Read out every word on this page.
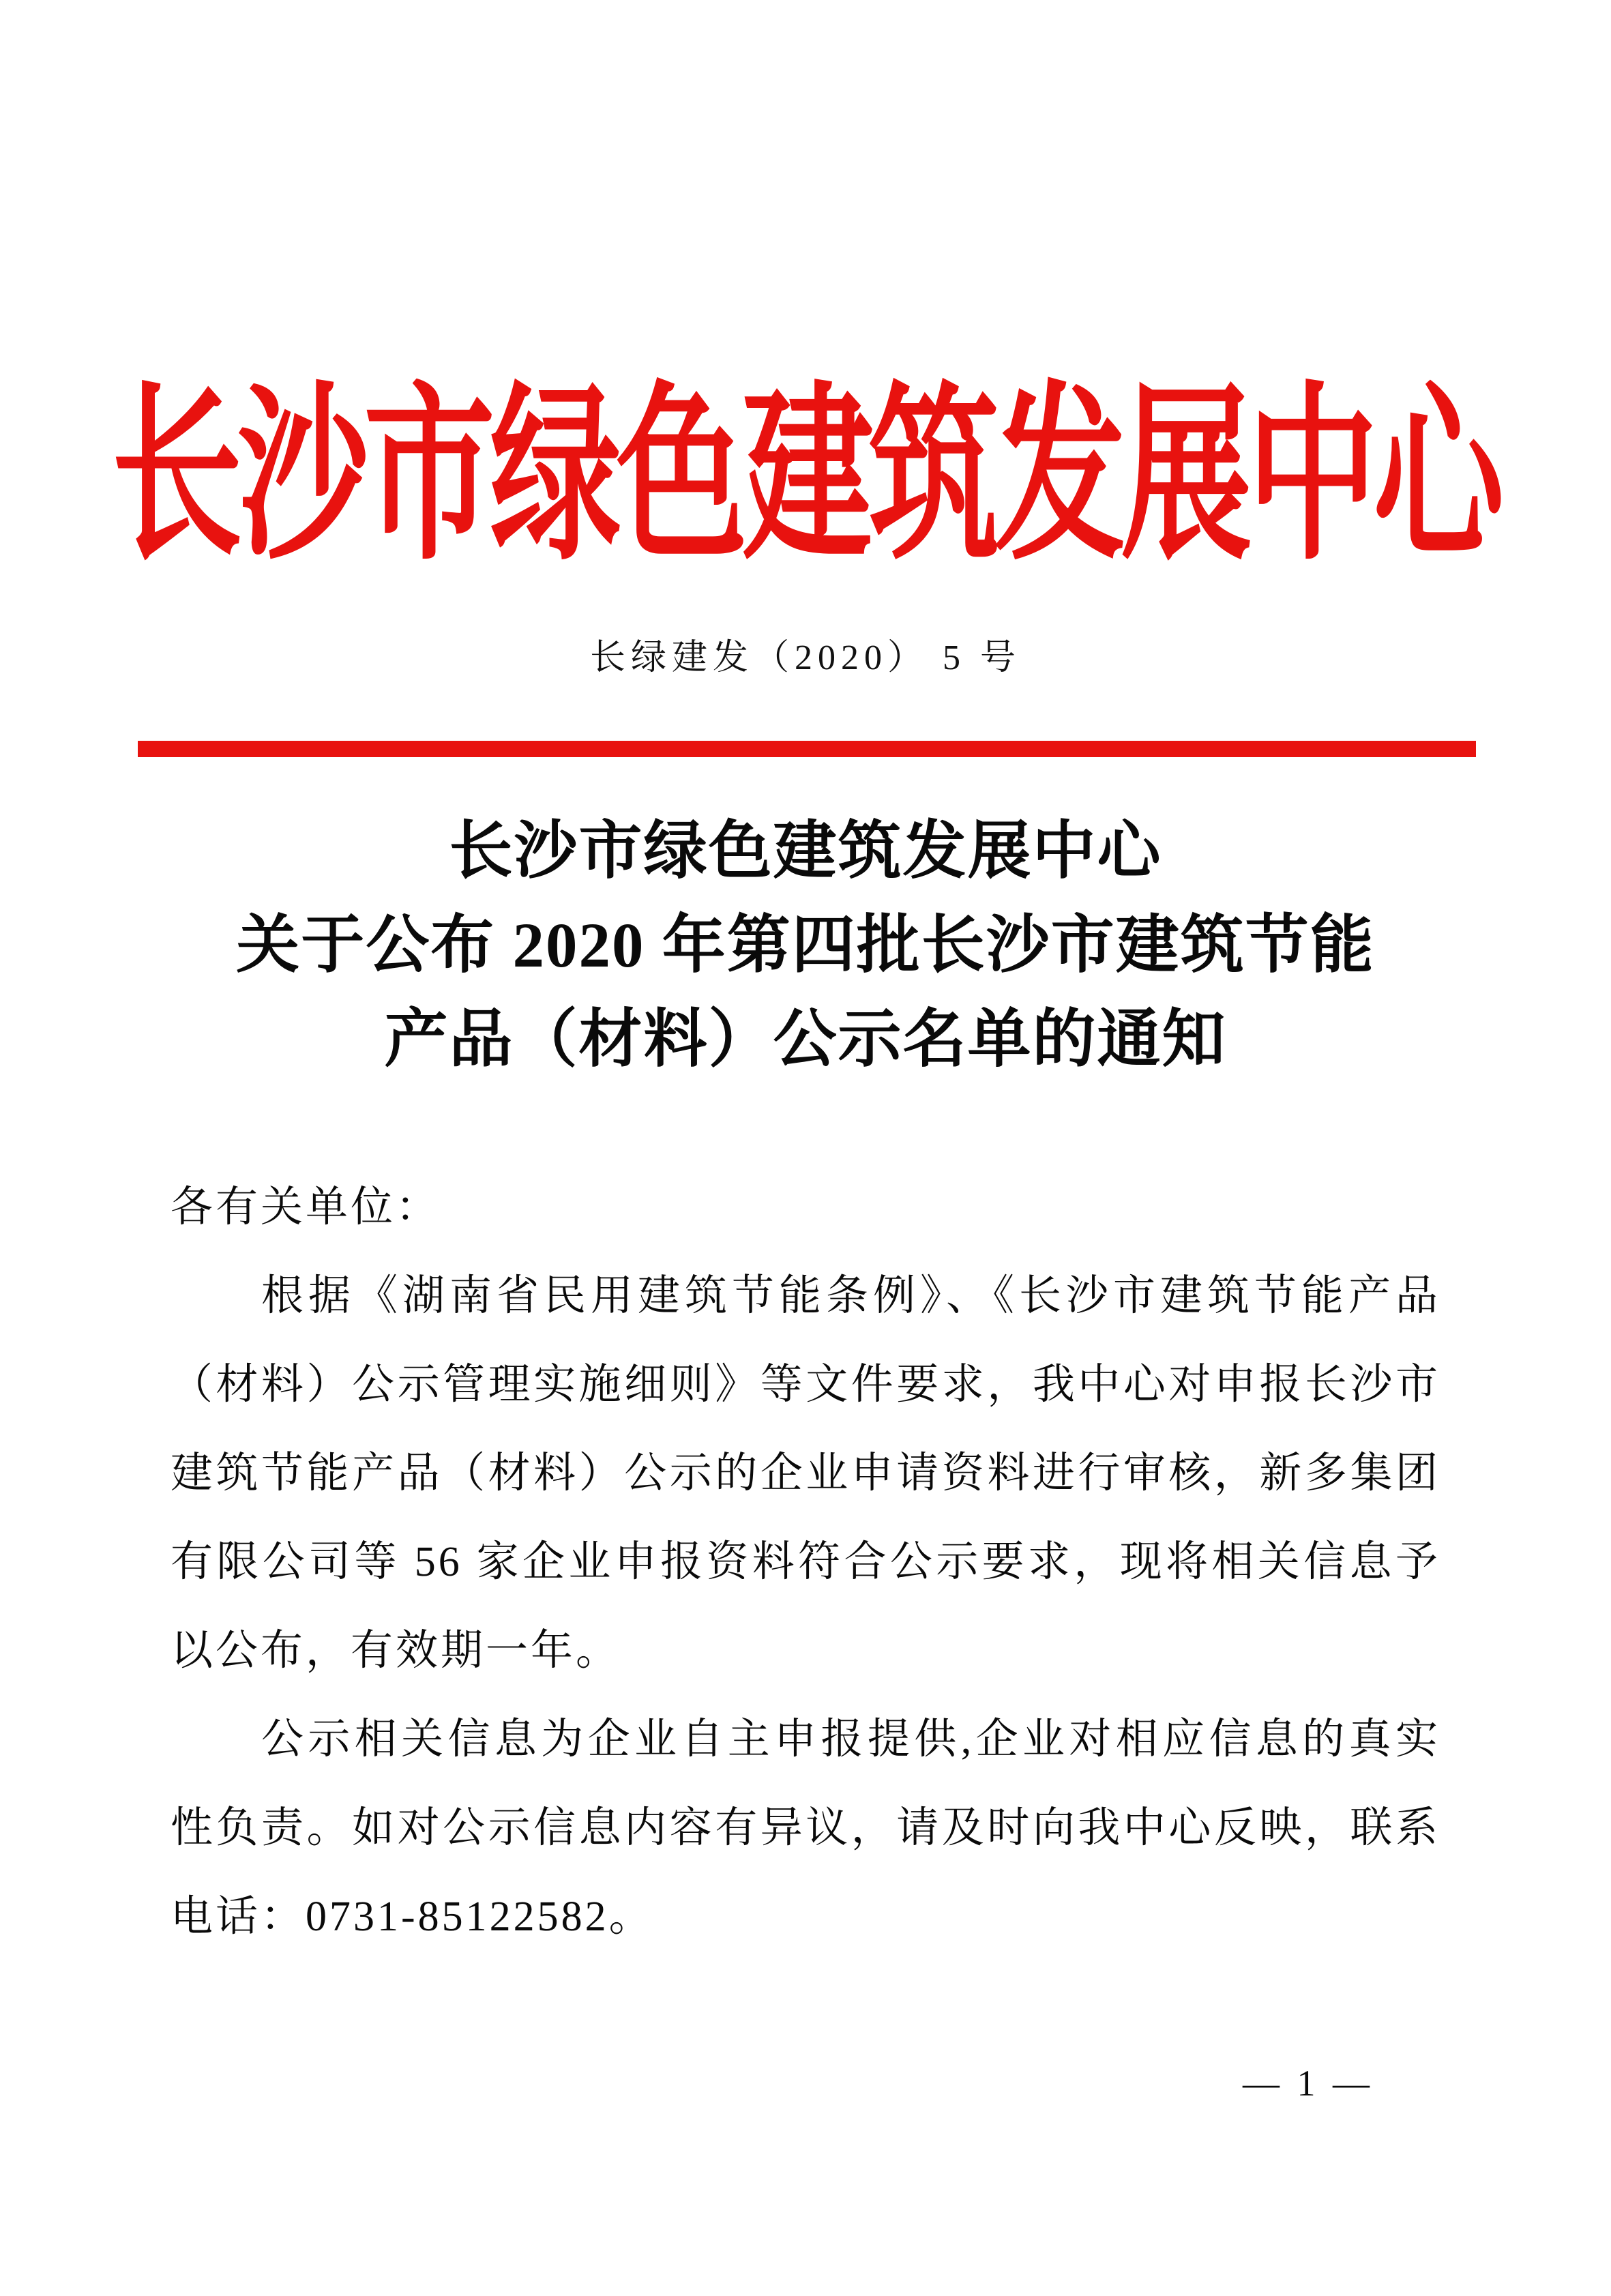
长沙市绿色建筑发展中心
长绿建发（2020） 5 号
长沙市绿色建筑发展中心
关于公布 2020 年第四批长沙市建筑节能
产品（材料）公示名单的通知
各有关单位：
根据《湖南省民用建筑节能条例》、《长沙市建筑节能产品
（材料）公示管理实施细则》等文件要求，我中心对申报长沙市
建筑节能产品（材料）公示的企业申请资料进行审核，新多集团
有限公司等 56 家企业申报资料符合公示要求，现将相关信息予
以公布，有效期一年。
公示相关信息为企业自主申报提供,企业对相应信息的真实
性负责。如对公示信息内容有异议，请及时向我中心反映，联系
电话：0731-85122582。
— 1 —
